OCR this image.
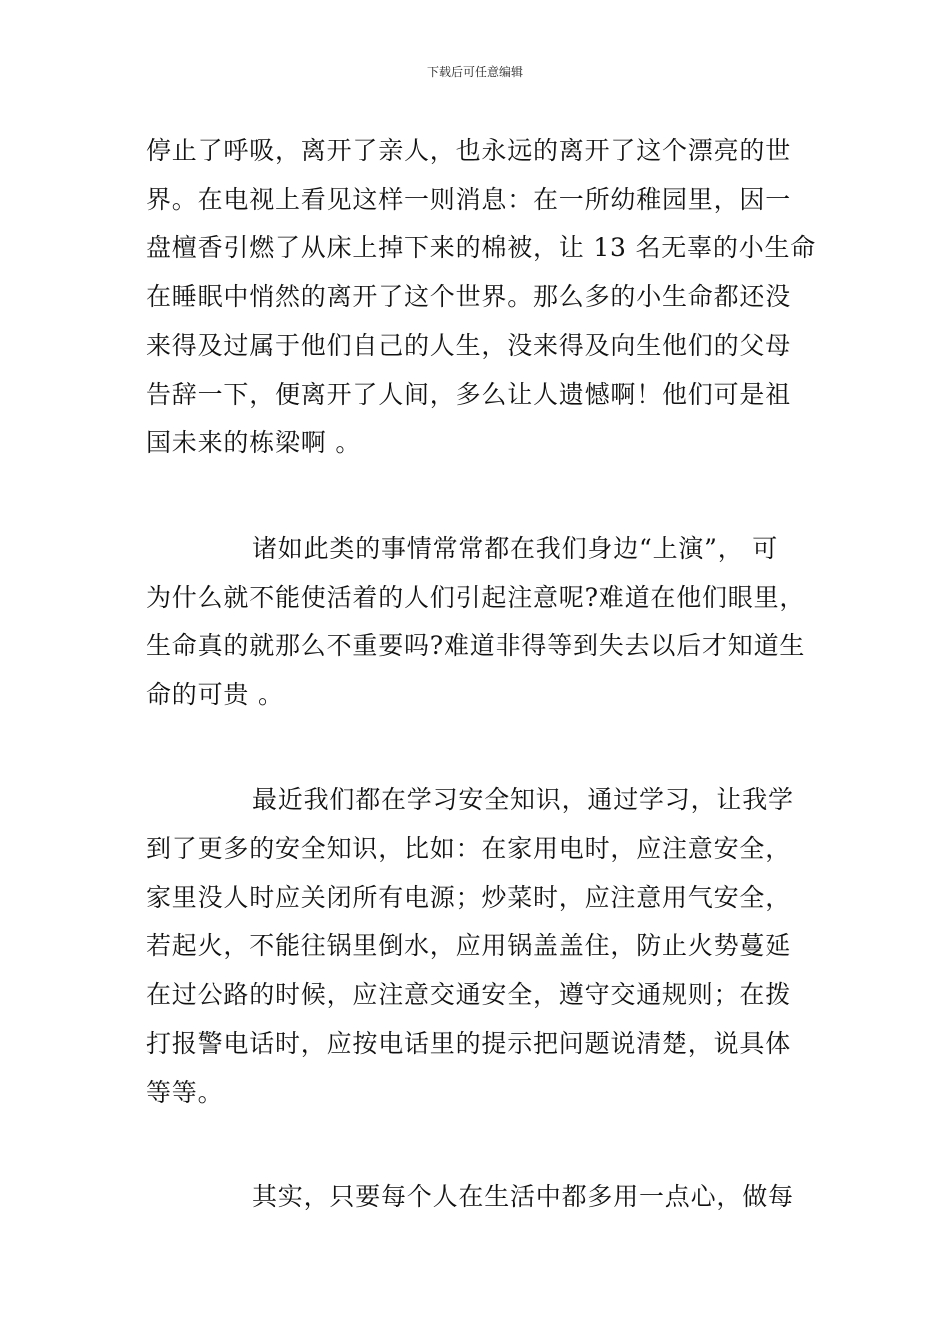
下载后可任意编辑
停止了呼吸，离开了亲人，也永远的离开了这个漂亮的世
界。在电视上看见这样一则消息：在一所幼稚园里，因一
盘檀香引燃了从床上掉下来的棉被，让 13 名无辜的小生命
在睡眠中悄然的离开了这个世界。那么多的小生命都还没
来得及过属于他们自己的人生，没来得及向生他们的父母
告辞一下，便离开了人间，多么让人遗憾啊！他们可是祖
国未来的栋梁啊 。
诸如此类的事情常常都在我们身边“上演”， 可
为什么就不能使活着的人们引起注意呢?难道在他们眼里，
生命真的就那么不重要吗?难道非得等到失去以后才知道生
命的可贵 。
最近我们都在学习安全知识，通过学习，让我学
到了更多的安全知识，比如：在家用电时，应注意安全，
家里没人时应关闭所有电源；炒菜时，应注意用气安全，
若起火，不能往锅里倒水，应用锅盖盖住，防止火势蔓延
在过公路的时候，应注意交通安全，遵守交通规则；在拨
打报警电话时，应按电话里的提示把问题说清楚，说具体
等等。
其实，只要每个人在生活中都多用一点心，做每
